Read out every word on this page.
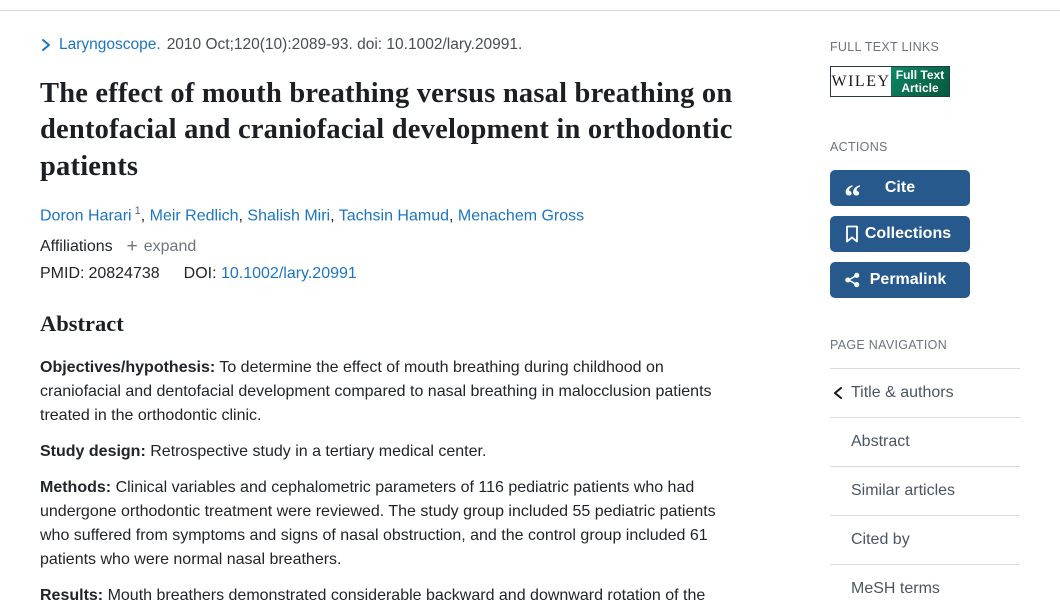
Laryngoscope. 2010 Oct;120(10):2089-93. doi: 10.1002/lary.20991.
The effect of mouth breathing versus nasal breathing on dentofacial and craniofacial development in orthodontic patients
Doron Harari $^1$, Meir Redlich, Shalish Miri, Tachsin Hamud, Menachem Gross
Affiliations + expand
PMID: 20824738 DOI: 10.1002/lary.20991
Abstract

Objectives/hypothesis: To determine the effect of mouth breathing during childhood on craniofacial and dentofacial development compared to nasal breathing in malocclusion patients treated in the orthodontic clinic.

Study design: Retrospective study in a tertiary medical center.

Methods: Clinical variables and cephalometric parameters of 116 pediatric patients who had undergone orthodontic treatment were reviewed. The study group included 55 pediatric patients who suffered from symptoms and signs of nasal obstruction, and the control group included 61 patients who were normal nasal breathers.

Results: Mouth breathers demonstrated considerable backward and downward rotation of the

FULL TEXT LINKS
WILEY Full Text
Article
ACTIONS
“ Cite
Collections
Permalink
PAGE NAVIGATION
Title & authors
Abstract
Similar articles
Cited by
MeSH terms
